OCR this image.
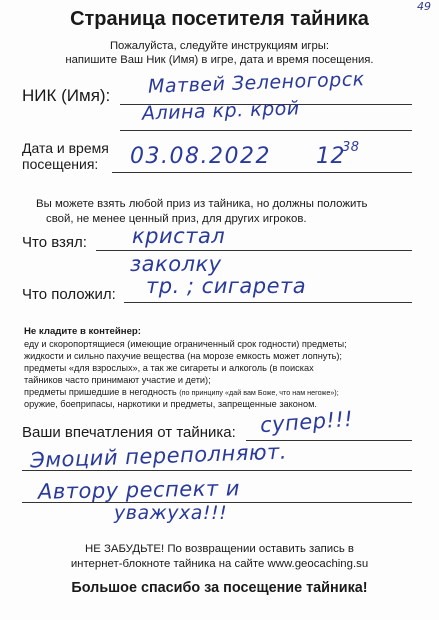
49
Страница посетителя тайника
Пожалуйста, следуйте инструкциям игры:
напишите Ваш Ник (Имя) в игре, дата и время посещения.
НИК (Имя): Матвей Зеленогорск
Алина кр. крой
Дата и время
посещения: 03.08.2022 12
38
Вы можете взять любой приз из тайника, но должны положить
свой, не менее ценный приз, для других игроков.
Что взял: кристал
заколку
Что положил: тр. ; сигарета
Не кладите в контейнер:
еду и скоропортящиеся (имеющие ограниченный срок годности) предметы;
жидкости и сильно пахучие вещества (на морозе емкость может лопнуть);
предметы «для взрослых», а так же сигареты и алкоголь (в поисках
тайников часто принимают участие и дети);
предметы пришедшие в негодность (по принципу «дай вам Боже, что нам негоже»);
оружие, боеприпасы, наркотики и предметы, запрещенные законом.
Ваши впечатления от тайника: супер!!!
Эмоций переполняют.
Автору респект и
уважуха!!!
НЕ ЗАБУДЬТЕ! По возвращении оставить запись в
интернет-блокноте тайника на сайте www.geocaching.su
Большое спасибо за посещение тайника!
